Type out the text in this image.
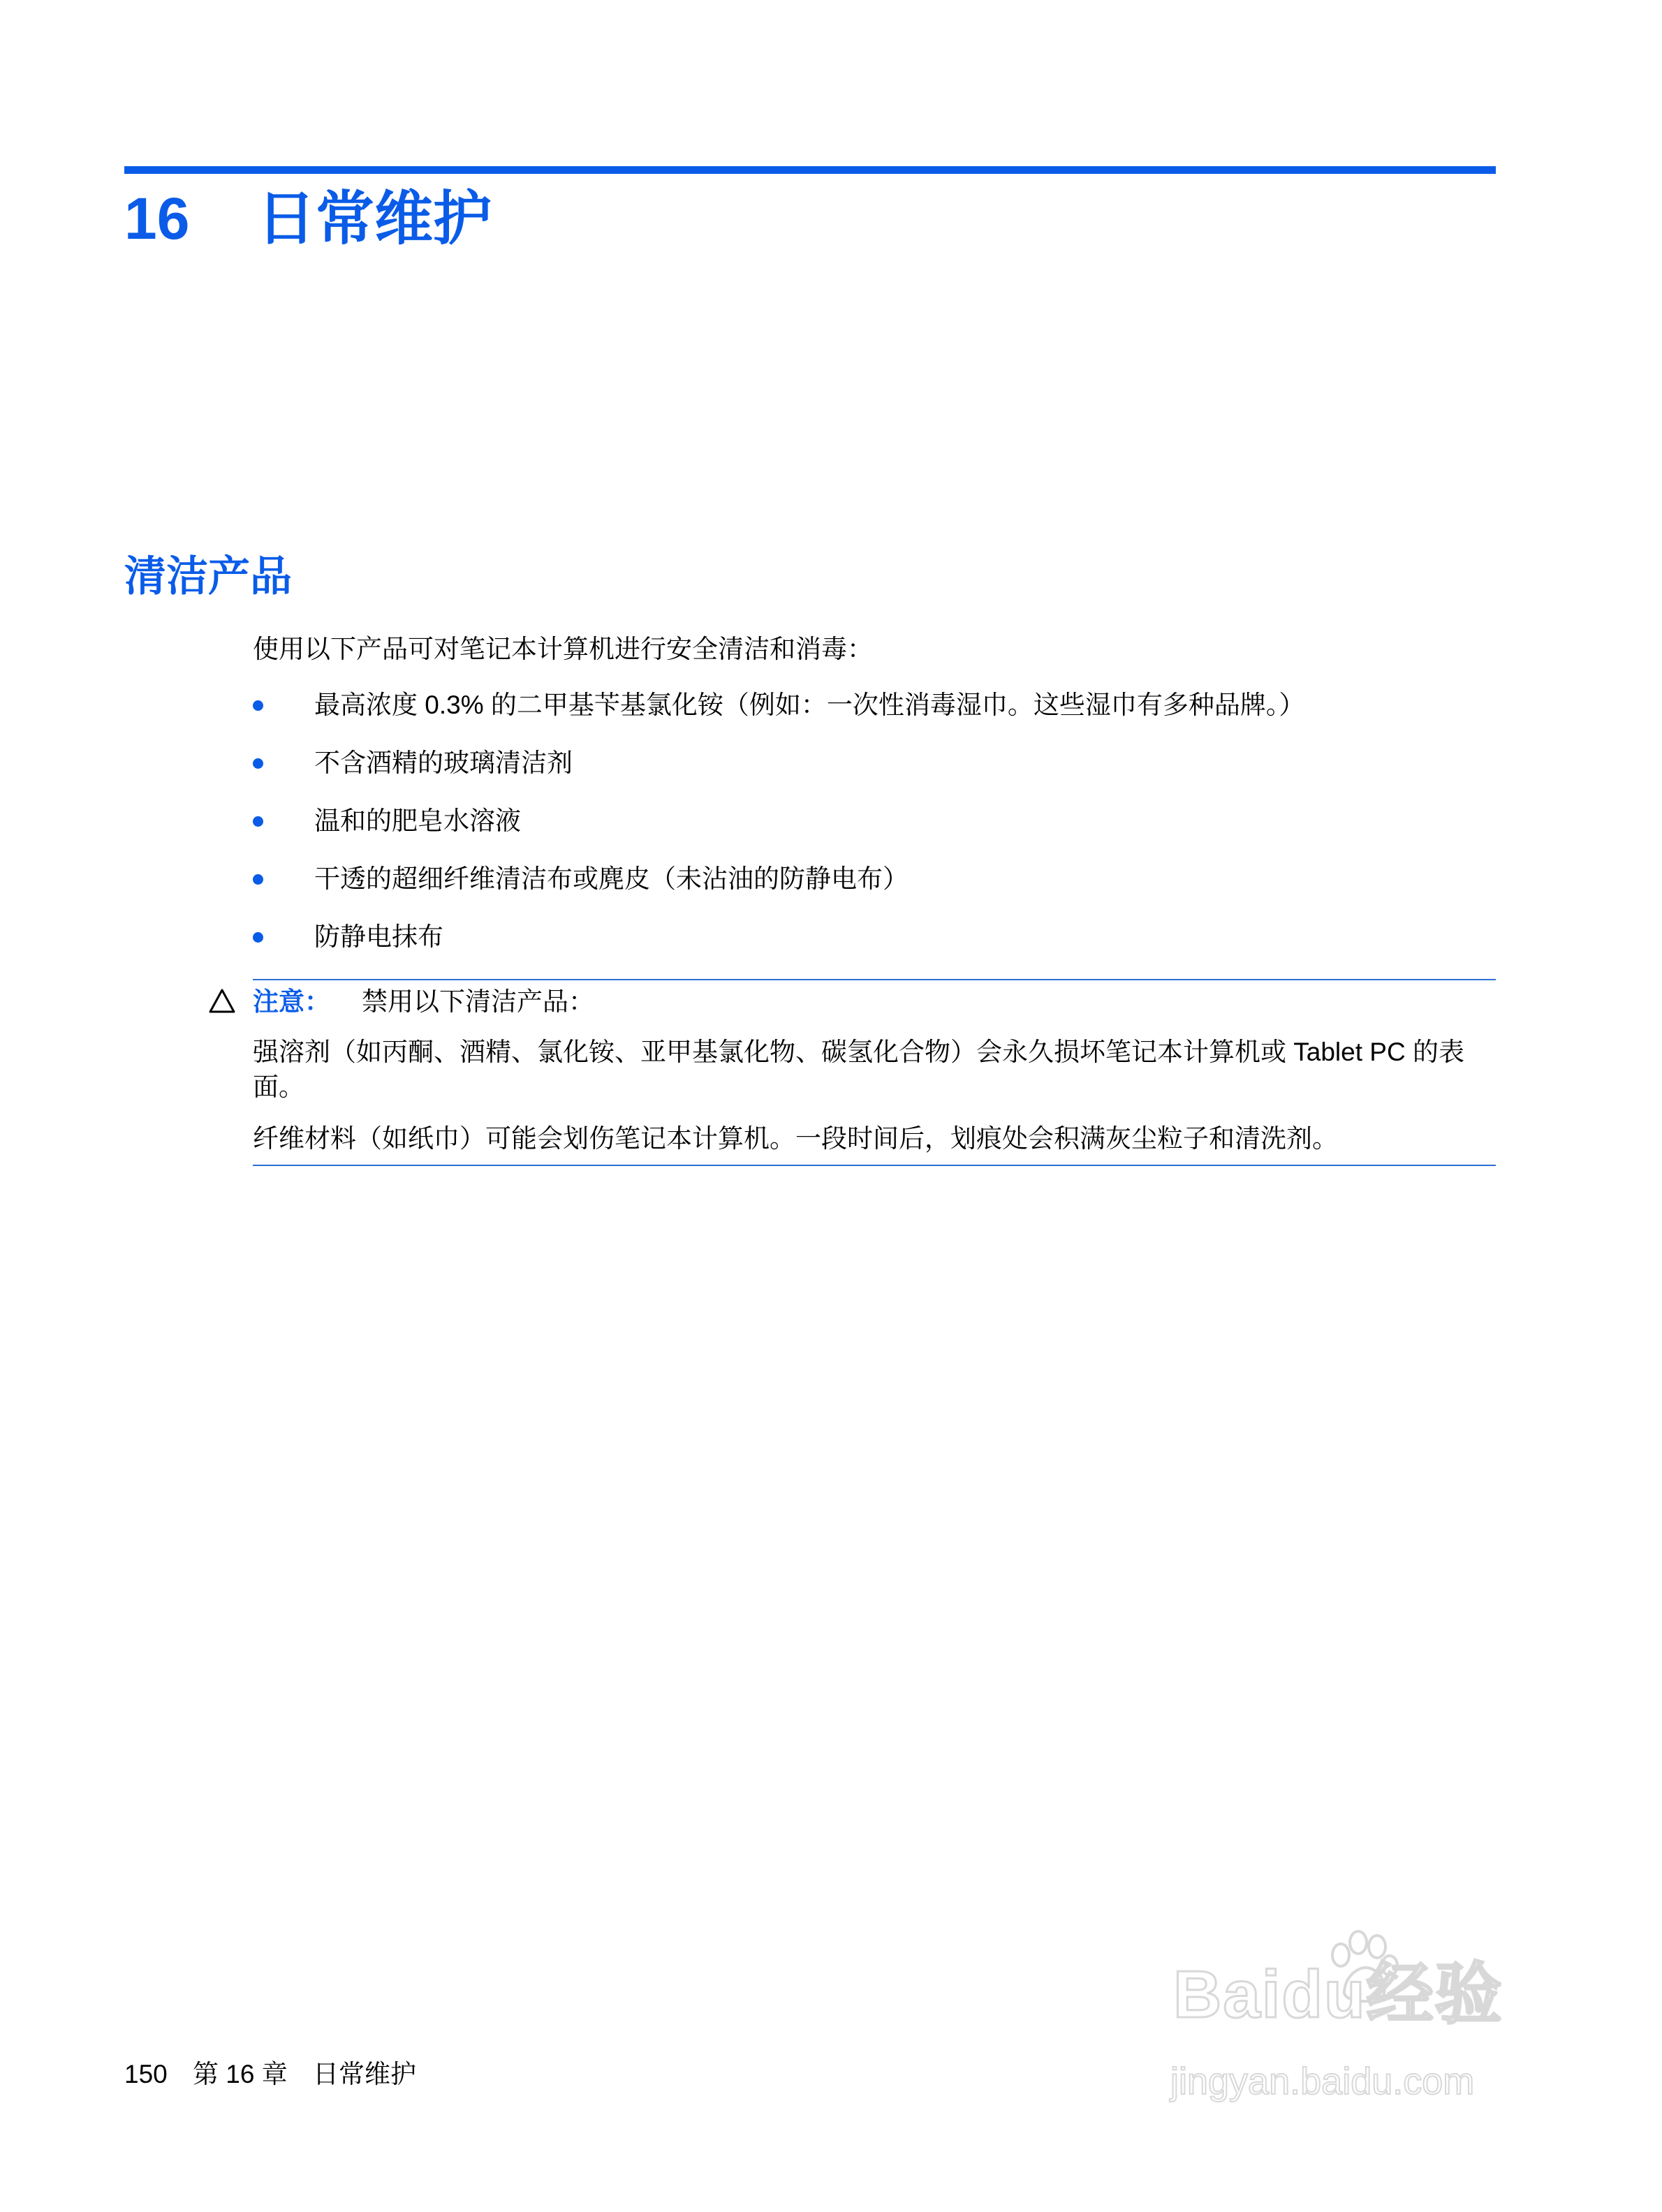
16	日常维护
清洁产品
使用以下产品可对笔记本计算机进行安全清洁和消毒：
最高浓度 0.3% 的二甲基苄基氯化铵（例如：一次性消毒湿巾。这些湿巾有多种品牌。）
不含酒精的玻璃清洁剂
温和的肥皂水溶液
干透的超细纤维清洁布或麂皮（未沾油的防静电布）
防静电抹布
注意：	禁用以下清洁产品：

强溶剂（如丙酮、酒精、氯化铵、亚甲基氯化物、碳氢化合物）会永久损坏笔记本计算机或 Tablet PC 的表面。

纤维材料（如纸巾）可能会划伤笔记本计算机。一段时间后，划痕处会积满灰尘粒子和清洗剂。

150 第 16 章 日常维护
Baidu经验
jingyan.baidu.com
